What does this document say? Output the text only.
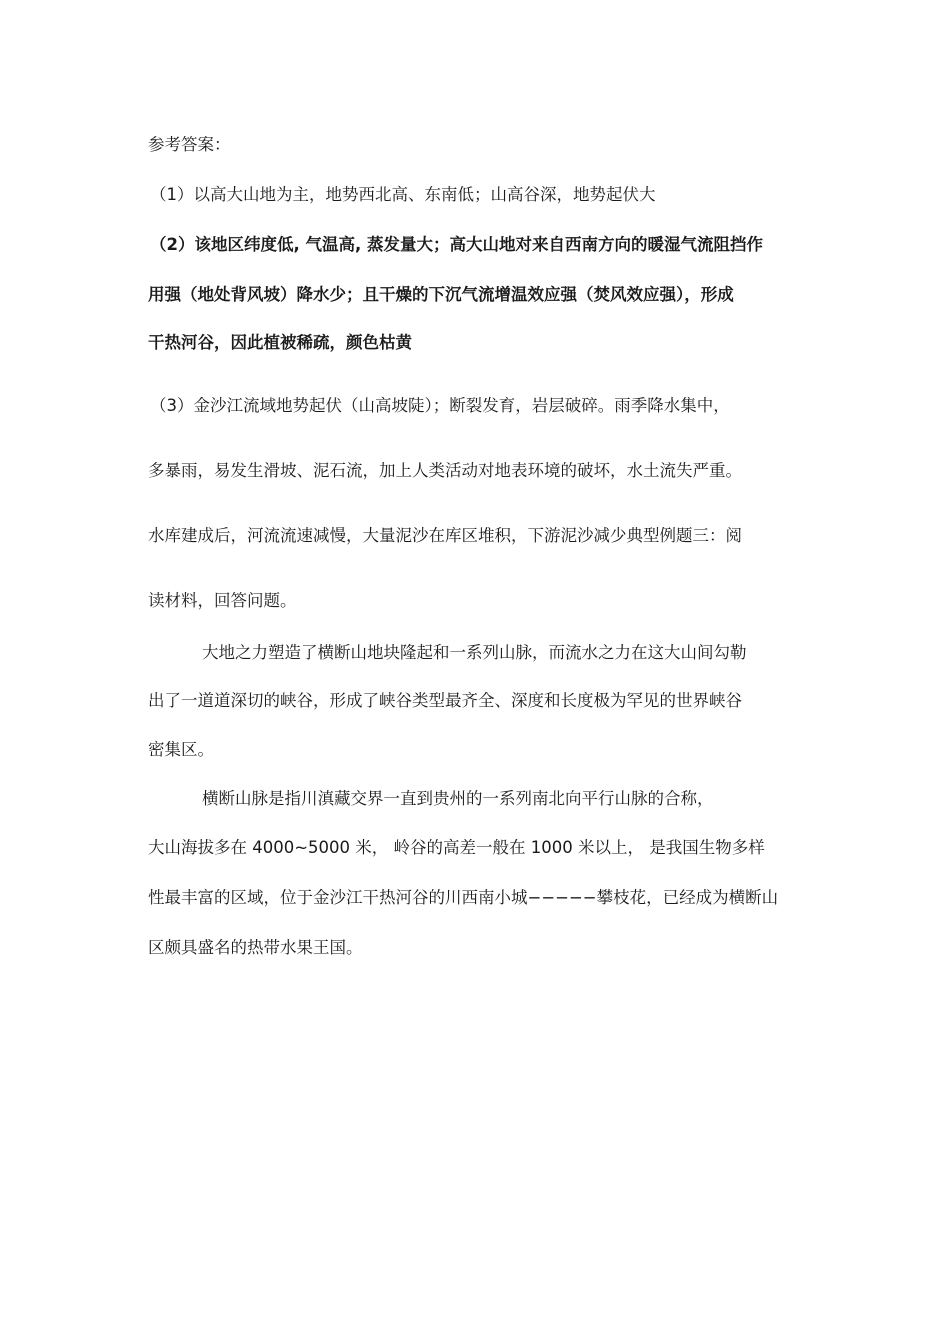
参考答案：
（1）以高大山地为主，地势西北高、东南低；山高谷深，地势起伏大
（2）该地区纬度低, 气温高, 蒸发量大；高大山地对来自西南方向的暖湿气流阻挡作
用强（地处背风坡）降水少；且干燥的下沉气流增温效应强（焚风效应强），形成
干热河谷，因此植被稀疏，颜色枯黄
（3）金沙江流域地势起伏（山高坡陡）；断裂发育，岩层破碎。雨季降水集中，
多暴雨，易发生滑坡、泥石流，加上人类活动对地表环境的破坏，水土流失严重。
水库建成后，河流流速减慢，大量泥沙在库区堆积，下游泥沙减少典型例题三：阅
读材料，回答问题。
大地之力塑造了横断山地块隆起和一系列山脉，而流水之力在这大山间勾勒
出了一道道深切的峡谷，形成了峡谷类型最齐全、深度和长度极为罕见的世界峡谷
密集区。
横断山脉是指川滇藏交界一直到贵州的一系列南北向平行山脉的合称，
大山海拔多在 4000~5000 米， 岭谷的高差一般在 1000 米以上， 是我国生物多样
性最丰富的区域，位于金沙江干热河谷的川西南小城−−−−−攀枝花，已经成为横断山
区颇具盛名的热带水果王国。
